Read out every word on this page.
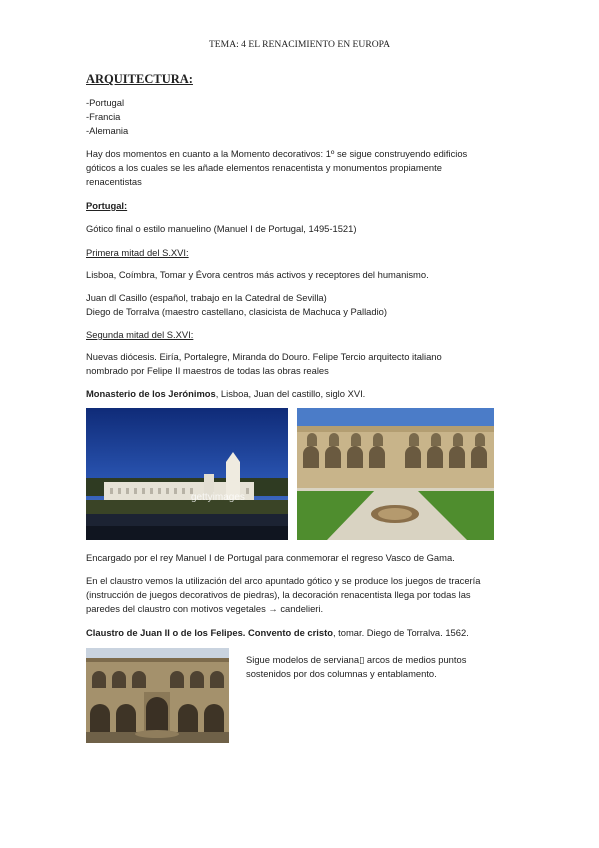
TEMA: 4 EL RENACIMIENTO EN EUROPA
ARQUITECTURA:
-Portugal
-Francia
-Alemania
Hay dos momentos en cuanto a la Momento decorativos: 1º se sigue construyendo edificios
góticos a los cuales se les añade elementos renacentista y monumentos propiamente
renacentistas
Portugal:
Gótico final o estilo manuelino (Manuel I de Portugal, 1495-1521)
Primera mitad del S.XVI:
Lisboa, Coímbra, Tomar y Évora centros más activos y receptores del humanismo.
Juan dl Casillo (español, trabajo en la Catedral de Sevilla)
Diego de Torralva (maestro castellano, clasicista de Machuca y Palladio)
Segunda mitad del S.XVI:
Nuevas diócesis. Eiría, Portalegre, Miranda do Douro. Felipe Tercio arquitecto italiano
nombrado por Felipe II maestros de todas las obras reales
Monasterio de los Jerónimos, Lisboa, Juan del castillo, siglo XVI.
gettyimages
Encargado por el rey Manuel I de Portugal para conmemorar el regreso Vasco de Gama.
En el claustro vemos la utilización del arco apuntado gótico y se produce los juegos de tracería
(instrucción de juegos decorativos de piedras), la decoración renacentista llega por todas las
paredes del claustro con motivos vegetales → candelieri.
Claustro de Juan II o de los Felipes. Convento de cristo, tomar. Diego de Torralva. 1562.
Sigue modelos de serviana▯ arcos de medios puntos
sostenidos por dos columnas y entablamento.
